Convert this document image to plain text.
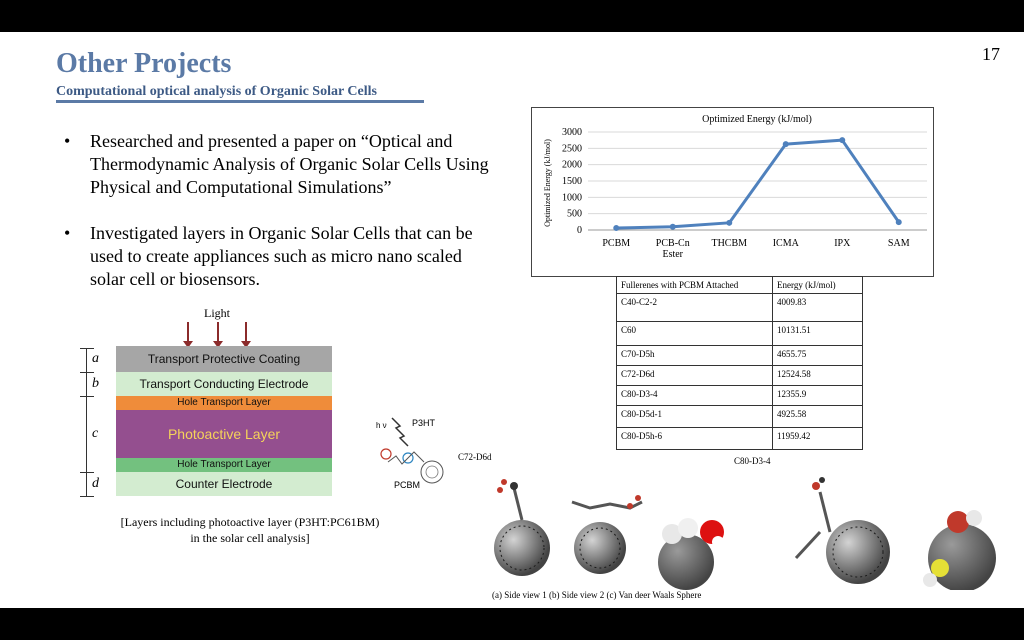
Other Projects
Computational optical analysis of Organic Solar Cells
17
• Researched and presented a paper on “Optical and Thermodynamic Analysis of Organic Solar Cells Using Physical and Computational Simulations”
• Investigated layers in Organic Solar Cells that can be used to create appliances such as micro nano scaled solar cell or biosensors.
Light
Transport Protective Coating
Transport Conducting Electrode
Hole Transport Layer
Photoactive Layer
Hole Transport Layer
Counter Electrode
a
b
c
d
[Layers including photoactive layer (P3HT:PC61BM)
in the solar cell analysis]
h ν	P3HT
PCBM
Optimized Energy (kJ/mol)
Optimized Energy (kJ/mol)
0
500
1000
1500
2000
2500
3000
PCBM	PCB-Cn
Ester
THCBM	ICMA	IPX	SAM
Fullerenes with PCBM Attached	Energy (kJ/mol)
C40-C2-2	4009.83
C60	10131.51
C70-D5h	4655.75
C72-D6d	12524.58
C80-D3-4	12355.9
C80-D5d-1	4925.58
C80-D5h-6	11959.42
C72-D6d	C80-D3-4
(a) Side view 1 (b) Side view 2 (c) Van deer Waals Sphere
